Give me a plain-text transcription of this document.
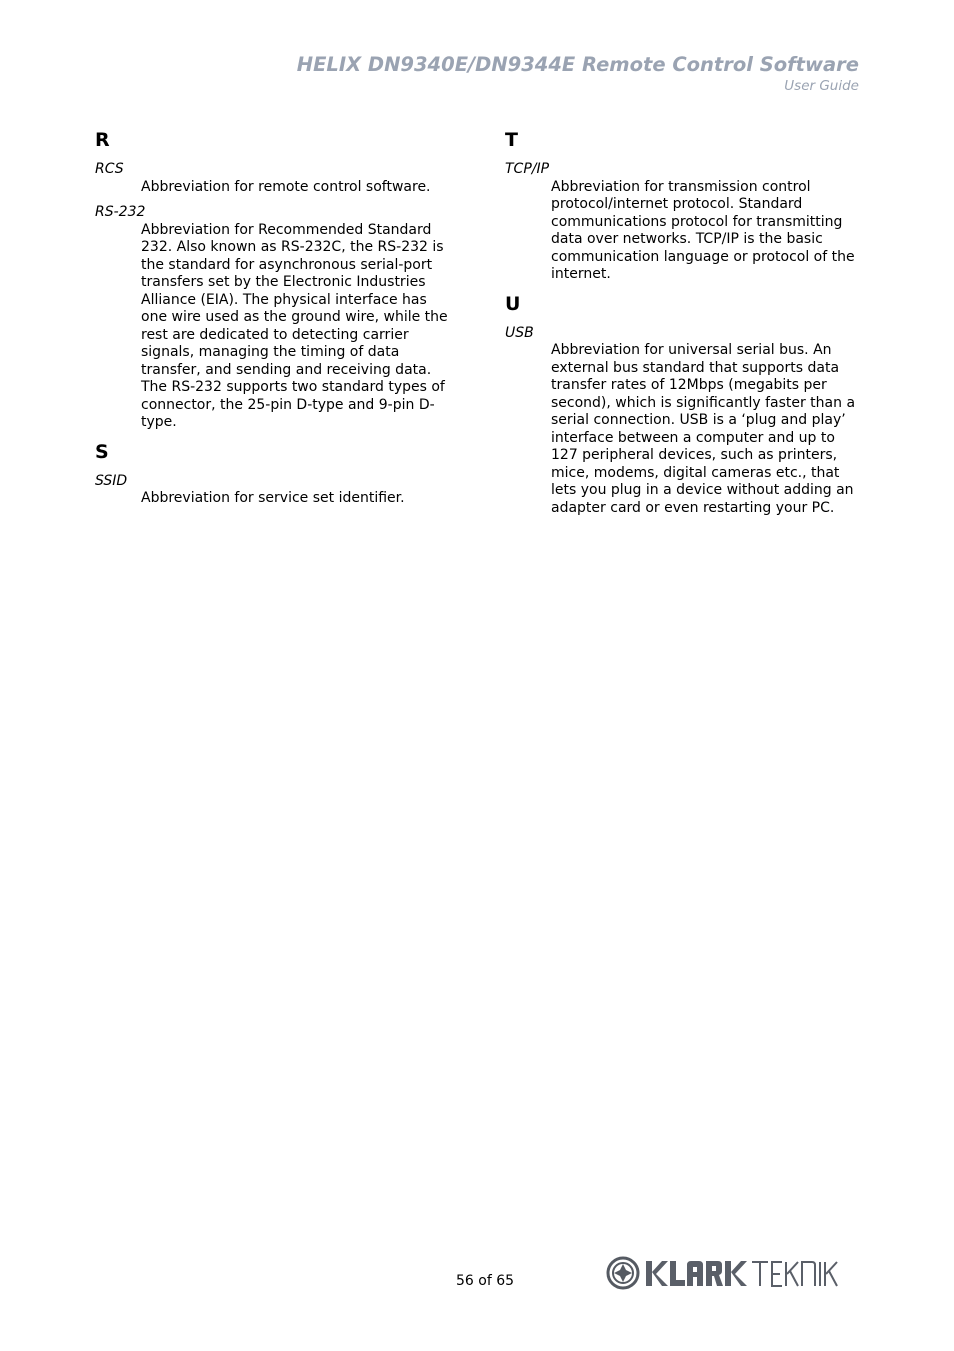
HELIX DN9340E/DN9344E Remote Control Software
User Guide
R
RCS
Abbreviation for remote control software.
RS-232
Abbreviation for Recommended Standard 232. Also known as RS-232C, the RS-232 is the standard for asynchronous serial-port transfers set by the Electronic Industries Alliance (EIA). The physical interface has one wire used as the ground wire, while the rest are dedicated to detecting carrier signals, managing the timing of data transfer, and sending and receiving data. The RS-232 supports two standard types of connector, the 25-pin D-type and 9-pin D-type.
S
SSID
Abbreviation for service set identifier.
T
TCP/IP
Abbreviation for transmission control protocol/internet protocol. Standard communications protocol for transmitting data over networks. TCP/IP is the basic communication language or protocol of the internet.
U
USB
Abbreviation for universal serial bus. An external bus standard that supports data transfer rates of 12Mbps (megabits per second), which is significantly faster than a serial connection. USB is a ‘plug and play’ interface between a computer and up to 127 peripheral devices, such as printers, mice, modems, digital cameras etc., that lets you plug in a device without adding an adapter card or even restarting your PC.
56 of 65
